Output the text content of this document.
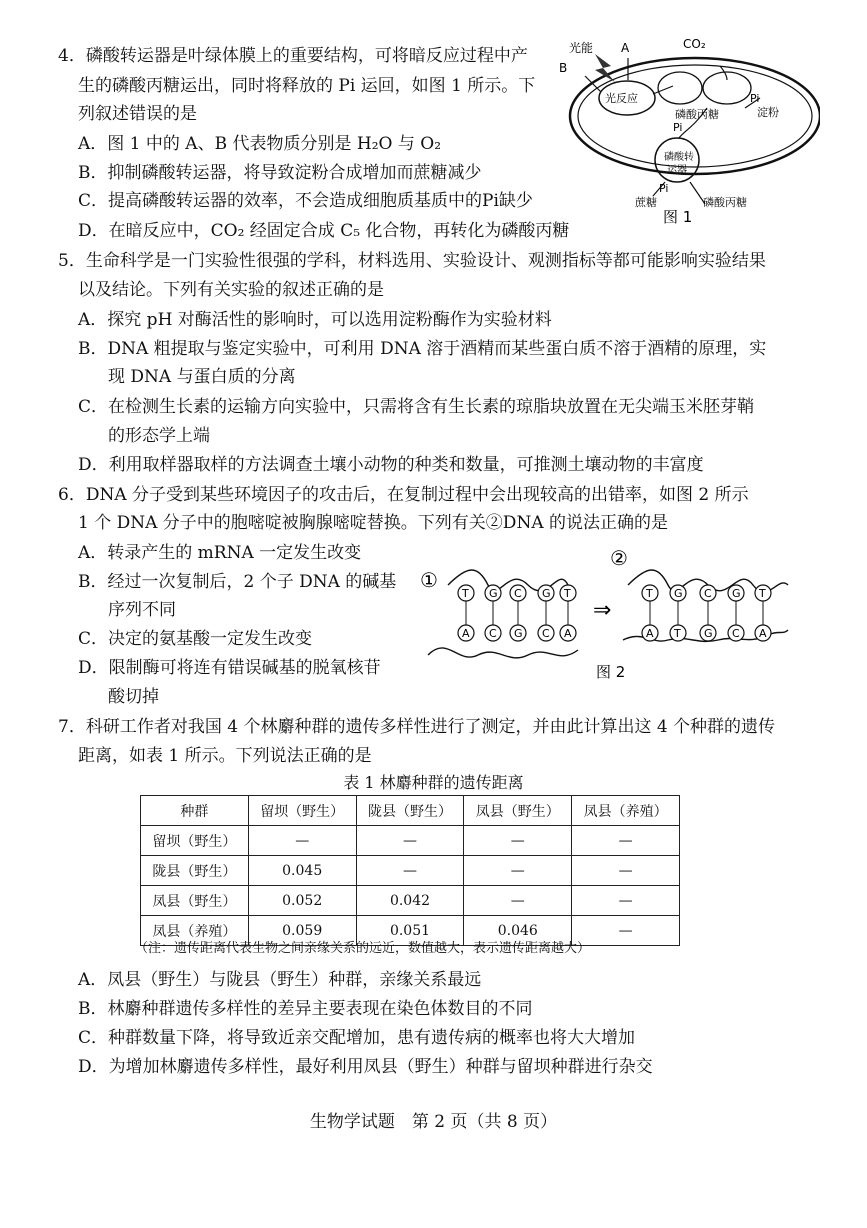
4．磷酸转运器是叶绿体膜上的重要结构，可将暗反应过程中产
生的磷酸丙糖运出，同时将释放的 Pi 运回，如图 1 所示。下
列叙述错误的是
A．图 1 中的 A、B 代表物质分别是 H₂O 与 O₂
B．抑制磷酸转运器，将导致淀粉合成增加而蔗糖减少
C．提高磷酸转运器的效率，不会造成细胞质基质中的Pi缺少
D．在暗反应中，CO₂ 经固定合成 C₅ 化合物，再转化为磷酸丙糖
光能 A
B
CO₂
光反应
磷酸丙糖
Pi
淀粉
Pi
磷酸转运器
Pi
蔗糖	磷酸丙糖
图 1
5．生命科学是一门实验性很强的学科，材料选用、实验设计、观测指标等都可能影响实验结果
以及结论。下列有关实验的叙述正确的是
A．探究 pH 对酶活性的影响时，可以选用淀粉酶作为实验材料
B．DNA 粗提取与鉴定实验中，可利用 DNA 溶于酒精而某些蛋白质不溶于酒精的原理，实
现 DNA 与蛋白质的分离
C．在检测生长素的运输方向实验中，只需将含有生长素的琼脂块放置在无尖端玉米胚芽鞘
的形态学上端
D．利用取样器取样的方法调查土壤小动物的种类和数量，可推测土壤动物的丰富度
6．DNA 分子受到某些环境因子的攻击后，在复制过程中会出现较高的出错率，如图 2 所示
1 个 DNA 分子中的胞嘧啶被胸腺嘧啶替换。下列有关②DNA 的说法正确的是
A．转录产生的 mRNA 一定发生改变
B．经过一次复制后，2 个子 DNA 的碱基
序列不同
C．决定的氨基酸一定发生改变
D．限制酶可将连有错误碱基的脱氧核苷
酸切掉
①
②
⇒
T
A
G
C
C
G
G
C
T
A
T
A
G
T
C
G
G
C
T
A
图 2
7．科研工作者对我国 4 个林麝种群的遗传多样性进行了测定，并由此计算出这 4 个种群的遗传
距离，如表 1 所示。下列说法正确的是
表 1 林麝种群的遗传距离
种群	留坝（野生）	陇县（野生）	凤县（野生）	凤县（养殖）
留坝（野生）	—	—	—	—
陇县（野生）	0.045	—	—	—
凤县（野生）	0.052	0.042	—	—
凤县（养殖）	0.059	0.051	0.046	—
（注：遗传距离代表生物之间亲缘关系的远近，数值越大，表示遗传距离越大）
A．凤县（野生）与陇县（野生）种群，亲缘关系最远
B．林麝种群遗传多样性的差异主要表现在染色体数目的不同
C．种群数量下降，将导致近亲交配增加，患有遗传病的概率也将大大增加
D．为增加林麝遗传多样性，最好利用凤县（野生）种群与留坝种群进行杂交
生物学试题　第 2 页（共 8 页）
